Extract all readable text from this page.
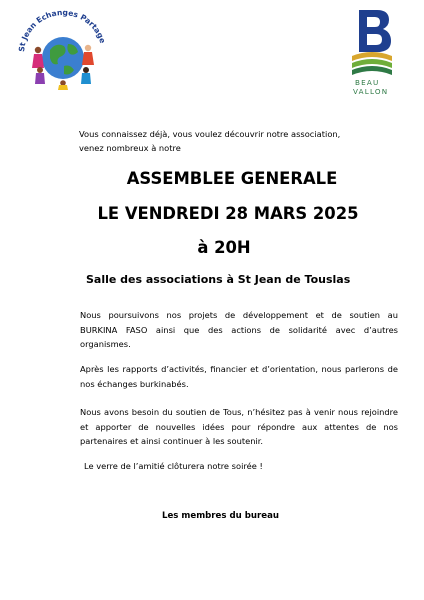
St Jean Echanges Partage
BEAU
VALLON
Vous connaissez déjà, vous voulez découvrir notre association,
venez nombreux à notre
ASSEMBLEE GENERALE
LE VENDREDI 28 MARS 2025
à 20H
Salle des associations à St Jean de Touslas
Nous poursuivons nos projets de développement et de soutien au
BURKINA FASO ainsi que des actions de solidarité avec d’autres
organismes.
Après les rapports d’activités, financier et d’orientation, nous parlerons de
nos échanges burkinabés.
Nous avons besoin du soutien de Tous, n’hésitez pas à venir nous rejoindre
et apporter de nouvelles idées pour répondre aux attentes de nos
partenaires et ainsi continuer à les soutenir.
Le verre de l’amitié clôturera notre soirée !
Les membres du bureau
